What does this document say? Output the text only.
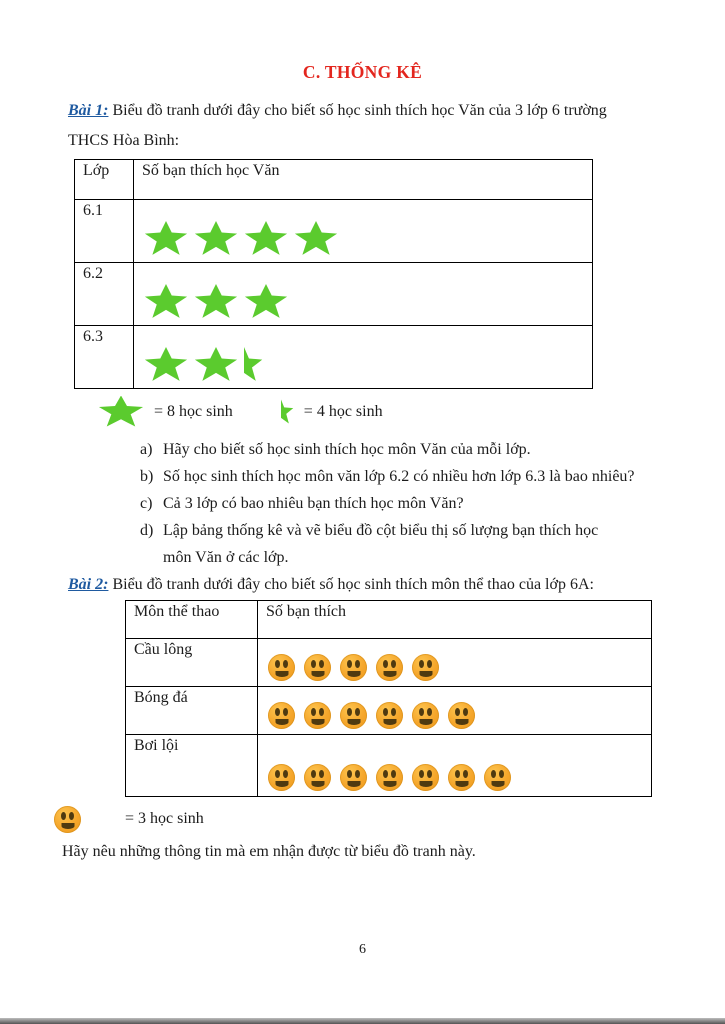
C. THỐNG KÊ
Bài 1: Biểu đồ tranh dưới đây cho biết số học sinh thích học Văn của 3 lớp 6 trường
THCS Hòa Bình:
Lớp	Số bạn thích học Văn
6.1	

6.2	

6.3	
= 8 học sinh	= 4 học sinh
a) Hãy cho biết số học sinh thích học môn Văn của mỗi lớp.
b) Số học sinh thích học môn văn lớp 6.2 có nhiều hơn lớp 6.3 là bao nhiêu?
c) Cả 3 lớp có bao nhiêu bạn thích học môn Văn?
d) Lập bảng thống kê và vẽ biểu đồ cột biểu thị số lượng bạn thích học
môn Văn ở các lớp.
Bài 2: Biểu đồ tranh dưới đây cho biết số học sinh thích môn thể thao của lớp 6A:
Môn thể thao	Số bạn thích
Cầu lông	

Bóng đá	

Bơi lội	
= 3 học sinh
Hãy nêu những thông tin mà em nhận được từ biểu đồ tranh này.
6
